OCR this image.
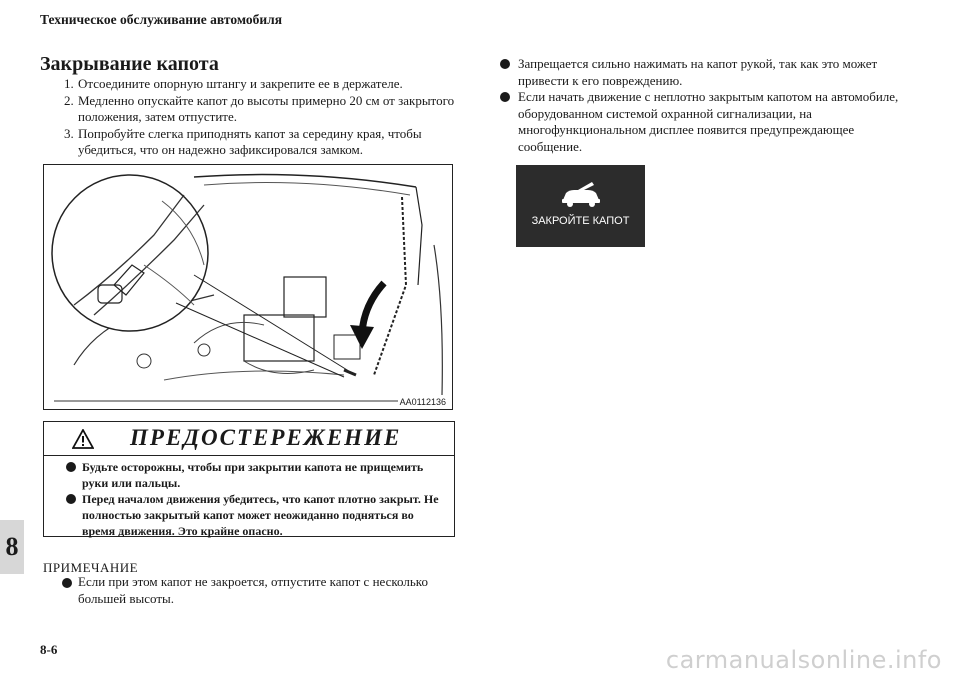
Техническое обслуживание автомобиля
Закрывание капота
1. Отсоедините опорную штангу и закрепите ее в держателе.
2. Медленно опускайте капот до высоты примерно 20 см от закрытого положения, затем отпустите.
3. Попробуйте слегка приподнять капот за середину края, чтобы убедиться, что он надежно зафиксировался замком.
AA0112136
ПРЕДОСТЕРЕЖЕНИЕ
Будьте осторожны, чтобы при закрытии капота не прищемить руки или пальцы.
Перед началом движения убедитесь, что капот плотно закрыт. Не полностью закрытый капот может неожиданно подняться во время движения. Это крайне опасно.
ПРИМЕЧАНИЕ
Если при этом капот не закроется, отпустите капот с несколько большей высоты.
Запрещается сильно нажимать на капот рукой, так как это может привести к его повреждению.
Если начать движение с неплотно закрытым капотом на автомобиле, оборудованном системой охранной сигнализации, на многофункциональном дисплее появится предупреждающее сообщение.
ЗАКРОЙТЕ КАПОТ
8
8-6	carmanualsonline.info
